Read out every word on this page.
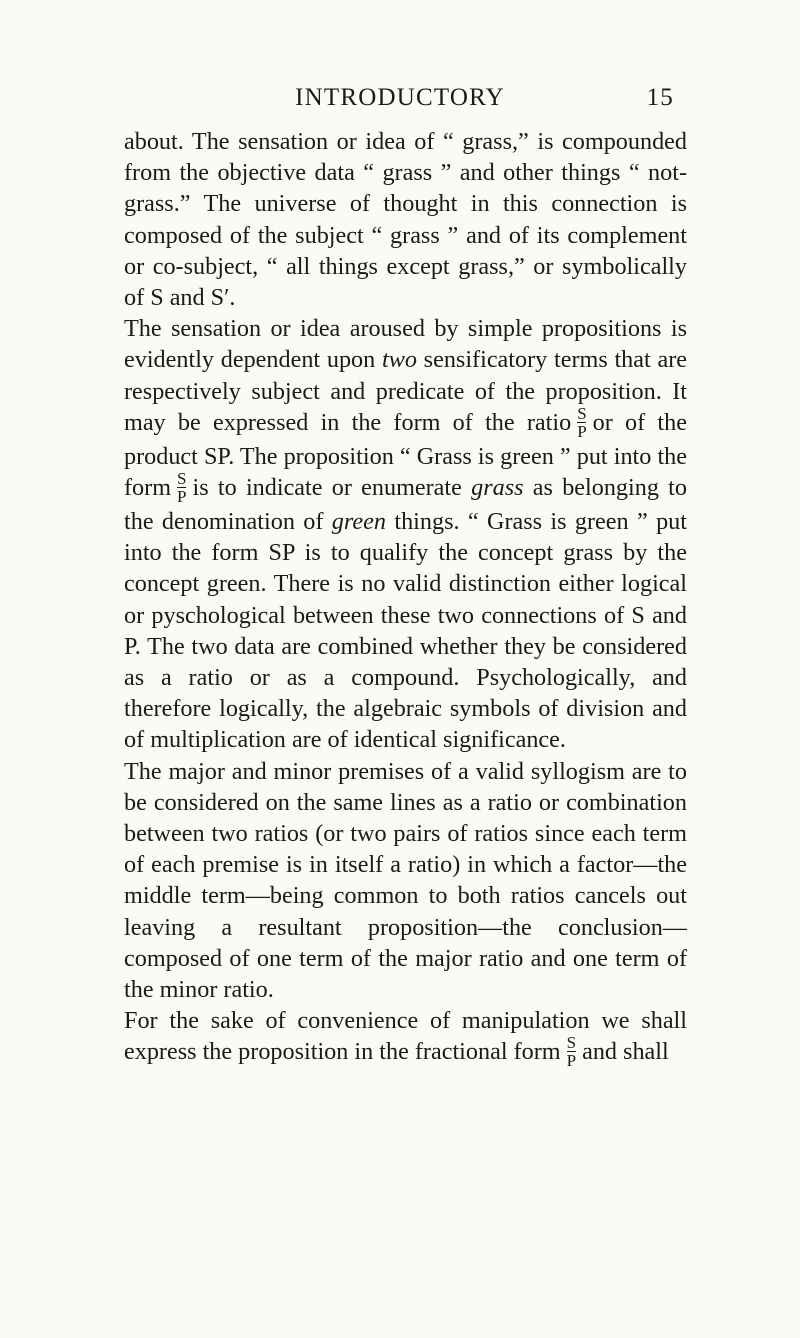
INTRODUCTORY	15

about. The sensation or idea of “ grass,” is compounded from the objective data “ grass ” and other things “ not-grass.” The universe of thought in this connection is composed of the subject “ grass ” and of its complement or co-subject, “ all things except grass,” or symbolically of S and S′.

The sensation or idea aroused by simple propositions is evidently dependent upon two sensificatory terms that are respectively subject and predicate of the proposition. It may be expressed in the form of the ratio $\frac{S}{P}$ or of the product SP. The proposition “ Grass is green ” put into the form $\frac{S}{P}$ is to indicate or enumerate grass as belonging to the denomination of green things. “ Grass is green ” put into the form SP is to qualify the concept grass by the concept green. There is no valid distinction either logical or pyschological between these two connections of S and P. The two data are combined whether they be considered as a ratio or as a compound. Psychologically, and therefore logically, the algebraic symbols of division and of multiplication are of identical significance.

The major and minor premises of a valid syllogism are to be considered on the same lines as a ratio or combination between two ratios (or two pairs of ratios since each term of each premise is in itself a ratio) in which a factor—the middle term—being common to both ratios cancels out leaving a resultant proposition—the conclusion—composed of one term of the major ratio and one term of the minor ratio.

For the sake of convenience of manipulation we shall express the proposition in the fractional form $\frac{S}{P}$ and shall
